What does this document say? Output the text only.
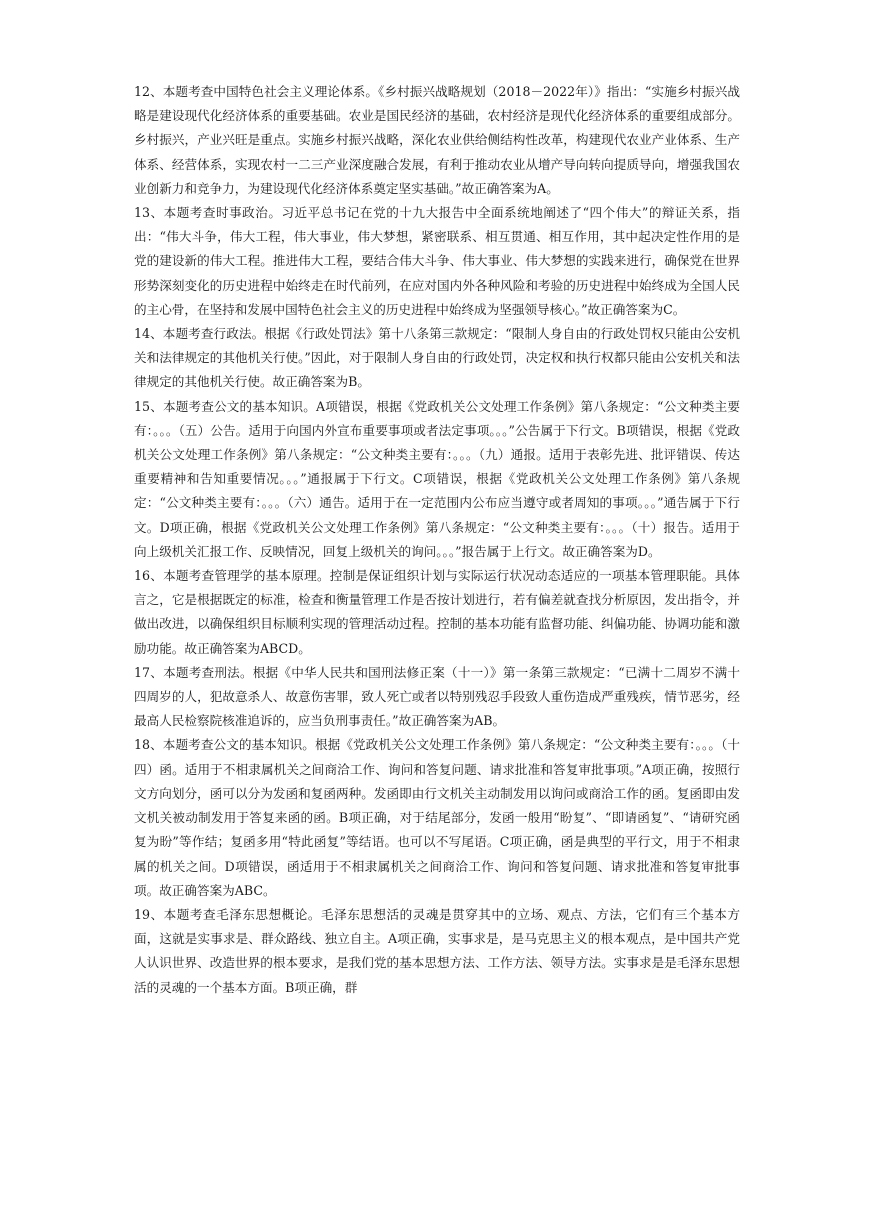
12、本题考查中国特色社会主义理论体系。《乡村振兴战略规划（2018－2022年）》指出：“实施乡村振兴战略是建设现代化经济体系的重要基础。农业是国民经济的基础，农村经济是现代化经济体系的重要组成部分。乡村振兴，产业兴旺是重点。实施乡村振兴战略，深化农业供给侧结构性改革，构建现代农业产业体系、生产体系、经营体系，实现农村一二三产业深度融合发展，有利于推动农业从增产导向转向提质导向，增强我国农业创新力和竞争力，为建设现代化经济体系奠定坚实基础。”故正确答案为A。

13、本题考查时事政治。习近平总书记在党的十九大报告中全面系统地阐述了“四个伟大”的辩证关系，指出：“伟大斗争，伟大工程，伟大事业，伟大梦想，紧密联系、相互贯通、相互作用，其中起决定性作用的是党的建设新的伟大工程。推进伟大工程，要结合伟大斗争、伟大事业、伟大梦想的实践来进行，确保党在世界形势深刻变化的历史进程中始终走在时代前列，在应对国内外各种风险和考验的历史进程中始终成为全国人民的主心骨，在坚持和发展中国特色社会主义的历史进程中始终成为坚强领导核心。”故正确答案为C。

14、本题考查行政法。根据《行政处罚法》第十八条第三款规定：“限制人身自由的行政处罚权只能由公安机关和法律规定的其他机关行使。”因此，对于限制人身自由的行政处罚，决定权和执行权都只能由公安机关和法律规定的其他机关行使。故正确答案为B。

15、本题考查公文的基本知识。A项错误，根据《党政机关公文处理工作条例》第八条规定：“公文种类主要有：。。。（五）公告。适用于向国内外宣布重要事项或者法定事项。。。”公告属于下行文。B项错误，根据《党政机关公文处理工作条例》第八条规定：“公文种类主要有：。。。（九）通报。适用于表彰先进、批评错误、传达重要精神和告知重要情况。。。”通报属于下行文。C项错误，根据《党政机关公文处理工作条例》第八条规定：“公文种类主要有：。。。（六）通告。适用于在一定范围内公布应当遵守或者周知的事项。。。”通告属于下行文。D项正确，根据《党政机关公文处理工作条例》第八条规定：“公文种类主要有：。。。（十）报告。适用于向上级机关汇报工作、反映情况，回复上级机关的询问。。。”报告属于上行文。故正确答案为D。

16、本题考查管理学的基本原理。控制是保证组织计划与实际运行状况动态适应的一项基本管理职能。具体言之，它是根据既定的标准，检查和衡量管理工作是否按计划进行，若有偏差就查找分析原因，发出指令，并做出改进，以确保组织目标顺利实现的管理活动过程。控制的基本功能有监督功能、纠偏功能、协调功能和激励功能。故正确答案为ABCD。

17、本题考查刑法。根据《中华人民共和国刑法修正案（十一）》第一条第三款规定：“已满十二周岁不满十四周岁的人，犯故意杀人、故意伤害罪，致人死亡或者以特别残忍手段致人重伤造成严重残疾，情节恶劣，经最高人民检察院核准追诉的，应当负刑事责任。”故正确答案为AB。

18、本题考查公文的基本知识。根据《党政机关公文处理工作条例》第八条规定：“公文种类主要有：。。。（十四）函。适用于不相隶属机关之间商洽工作、询问和答复问题、请求批准和答复审批事项。”A项正确，按照行文方向划分，函可以分为发函和复函两种。发函即由行文机关主动制发用以询问或商洽工作的函。复函即由发文机关被动制发用于答复来函的函。B项正确，对于结尾部分，发函一般用“盼复”、“即请函复”、“请研究函复为盼”等作结；复函多用“特此函复”等结语。也可以不写尾语。C项正确，函是典型的平行文，用于不相隶属的机关之间。D项错误，函适用于不相隶属机关之间商洽工作、询问和答复问题、请求批准和答复审批事项。故正确答案为ABC。

19、本题考查毛泽东思想概论。毛泽东思想活的灵魂是贯穿其中的立场、观点、方法，它们有三个基本方面，这就是实事求是、群众路线、独立自主。A项正确，实事求是，是马克思主义的根本观点，是中国共产党人认识世界、改造世界的根本要求，是我们党的基本思想方法、工作方法、领导方法。实事求是是毛泽东思想活的灵魂的一个基本方面。B项正确，群
